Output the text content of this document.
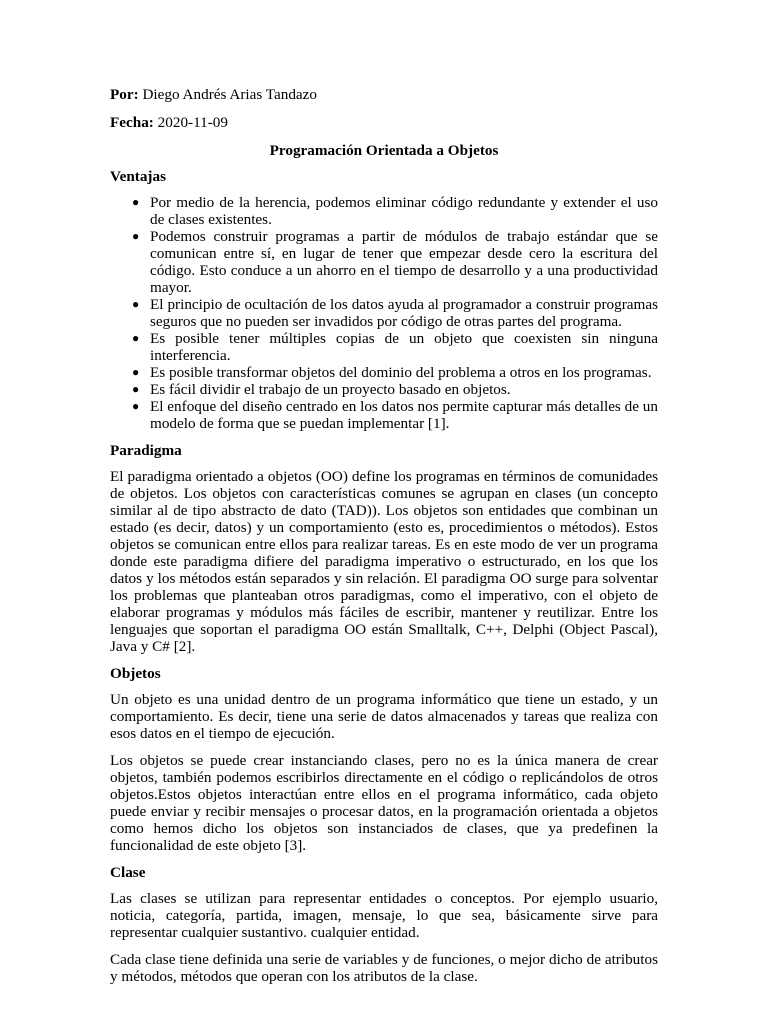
Por: Diego Andrés Arias Tandazo

Fecha: 2020-11-09

Programación Orientada a Objetos

Ventajas

● Por medio de la herencia, podemos eliminar código redundante y extender el uso de clases existentes.
● Podemos construir programas a partir de módulos de trabajo estándar que se comunican entre sí, en lugar de tener que empezar desde cero la escritura del código. Esto conduce a un ahorro en el tiempo de desarrollo y a una productividad mayor.
● El principio de ocultación de los datos ayuda al programador a construir programas seguros que no pueden ser invadidos por código de otras partes del programa.
● Es posible tener múltiples copias de un objeto que coexisten sin ninguna interferencia.
● Es posible transformar objetos del dominio del problema a otros en los programas.
● Es fácil dividir el trabajo de un proyecto basado en objetos.
● El enfoque del diseño centrado en los datos nos permite capturar más detalles de un modelo de forma que se puedan implementar [1].

Paradigma

El paradigma orientado a objetos (OO) define los programas en términos de comunidades de objetos. Los objetos con características comunes se agrupan en clases (un concepto similar al de tipo abstracto de dato (TAD)). Los objetos son entidades que combinan un estado (es decir, datos) y un comportamiento (esto es, procedimientos o métodos). Estos objetos se comunican entre ellos para realizar tareas. Es en este modo de ver un programa donde este paradigma difiere del paradigma imperativo o estructurado, en los que los datos y los métodos están separados y sin relación. El paradigma OO surge para solventar los problemas que planteaban otros paradigmas, como el imperativo, con el objeto de elaborar programas y módulos más fáciles de escribir, mantener y reutilizar. Entre los lenguajes que soportan el paradigma OO están Smalltalk, C++, Delphi (Object Pascal), Java y C# [2].

Objetos

Un objeto es una unidad dentro de un programa informático que tiene un estado, y un comportamiento. Es decir, tiene una serie de datos almacenados y tareas que realiza con esos datos en el tiempo de ejecución.

Los objetos se puede crear instanciando clases, pero no es la única manera de crear objetos, también podemos escribirlos directamente en el código o replicándolos de otros objetos.Estos objetos interactúan entre ellos en el programa informático, cada objeto puede enviar y recibir mensajes o procesar datos, en la programación orientada a objetos como hemos dicho los objetos son instanciados de clases, que ya predefinen la funcionalidad de este objeto [3].

Clase

Las clases se utilizan para representar entidades o conceptos. Por ejemplo usuario, noticia, categoría, partida, imagen, mensaje, lo que sea, básicamente sirve para representar cualquier sustantivo. cualquier entidad.

Cada clase tiene definida una serie de variables y de funciones, o mejor dicho de atributos y métodos, métodos que operan con los atributos de la clase.
